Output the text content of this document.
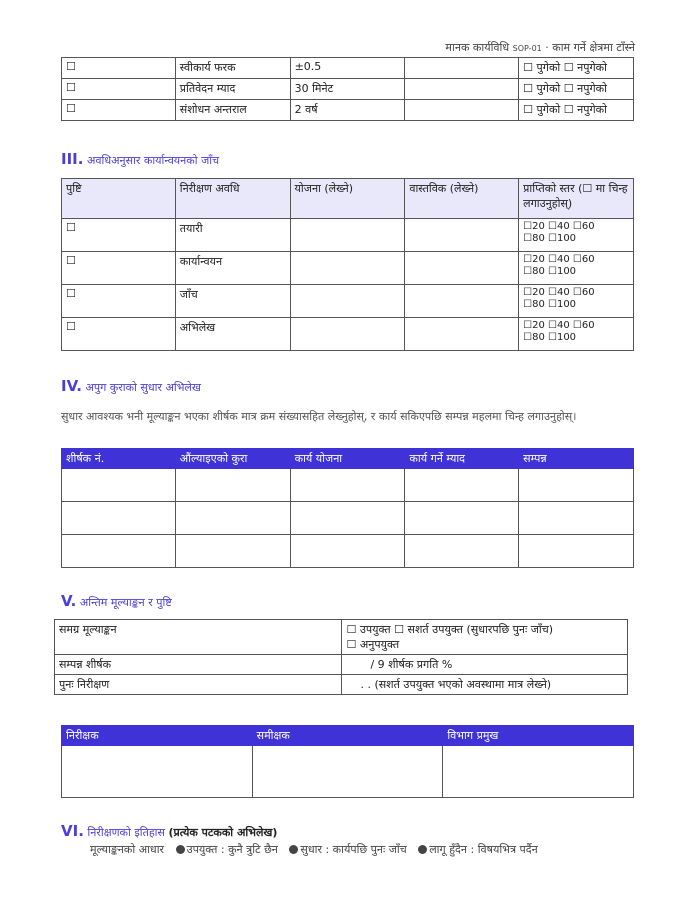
मानक कार्यविधि SOP-01 · काम गर्ने क्षेत्रमा टाँस्ने
☐	स्वीकार्य फरक	±0.5		☐ पुगेको ☐ नपुगेको
☐	प्रतिवेदन म्याद	30 मिनेट		☐ पुगेको ☐ नपुगेको
☐	संशोधन अन्तराल	2 वर्ष		☐ पुगेको ☐ नपुगेको
III. अवधिअनुसार कार्यान्वयनको जाँच
पुष्टि	निरीक्षण अवधि	योजना (लेख्ने)	वास्तविक (लेख्ने)	प्राप्तिको स्तर (☐ मा चिन्ह लगाउनुहोस्)
☐	तयारी			☐20 ☐40 ☐60
☐80 ☐100

☐	कार्यान्वयन			☐20 ☐40 ☐60
☐80 ☐100

☐	जाँच			☐20 ☐40 ☐60
☐80 ☐100

☐	अभिलेख			☐20 ☐40 ☐60
☐80 ☐100
IV. अपुग कुराको सुधार अभिलेख
सुधार आवश्यक भनी मूल्याङ्कन भएका शीर्षक मात्र क्रम संख्यासहित लेख्नुहोस्, र कार्य सकिएपछि सम्पन्न महलमा चिन्ह लगाउनुहोस्।
शीर्षक नं.	औंल्याइएको कुरा	कार्य योजना	कार्य गर्ने म्याद	सम्पन्न

V. अन्तिम मूल्याङ्कन र पुष्टि
समग्र मूल्याङ्कन	☐ उपयुक्त ☐ सशर्त उपयुक्त (सुधारपछि पुनः जाँच)
☐ अनुपयुक्त

सम्पन्न शीर्षक	/ 9 शीर्षक प्रगति %
पुनः निरीक्षण	. . (सशर्त उपयुक्त भएको अवस्थामा मात्र लेख्ने)
निरीक्षक	समीक्षक	विभाग प्रमुख

VI. निरीक्षणको इतिहास (प्रत्येक पटकको अभिलेख)
मूल्याङ्कनको आधार उपयुक्त : कुनै त्रुटि छैन सुधार : कार्यपछि पुनः जाँच लागू हुँदैन : विषयभित्र पर्दैन
